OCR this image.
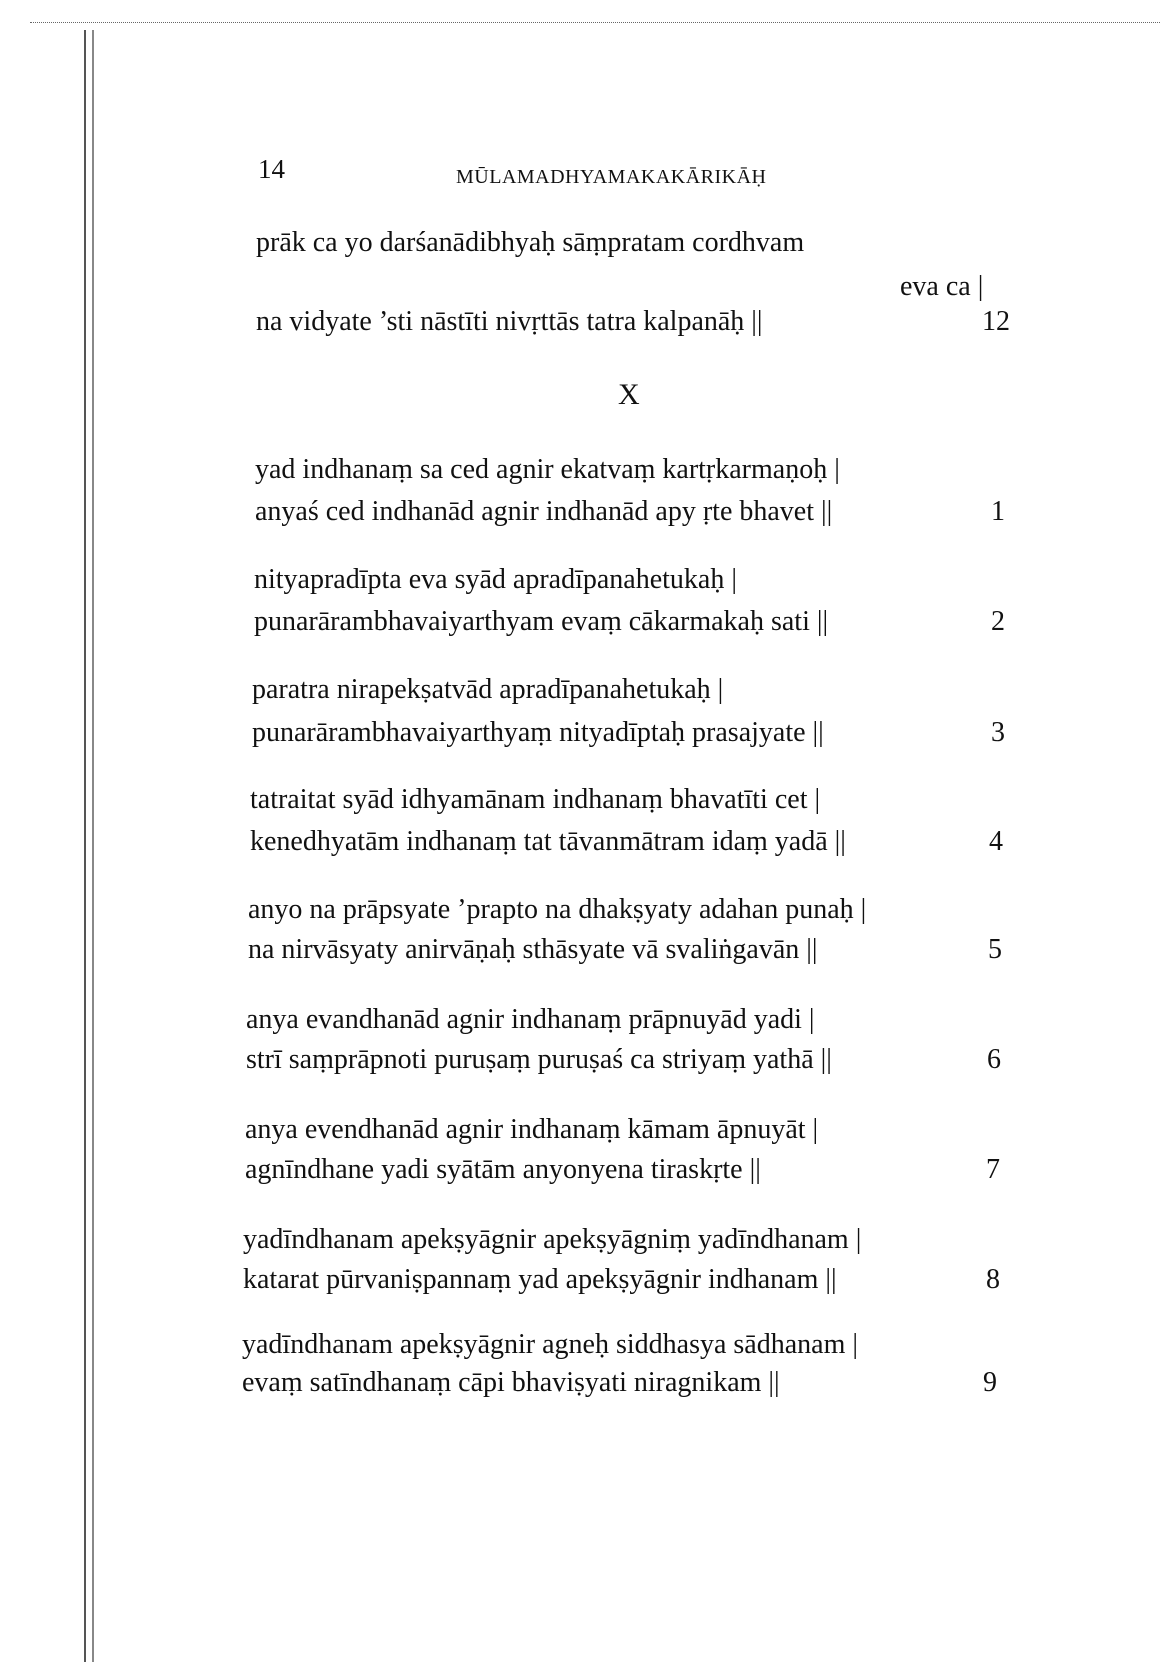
14	MŪLAMADHYAMAKAKĀRIKĀḤ
prāk ca yo darśanādibhyaḥ sāṃpratam cordhvam
eva ca |
na vidyate ’sti nāstīti nivṛttās tatra kalpanāḥ ||	12
X
yad indhanaṃ sa ced agnir ekatvaṃ kartṛkarmaṇoḥ |
anyaś ced indhanād agnir indhanād apy ṛte bhavet ||	1
nityapradīpta eva syād apradīpanahetukaḥ |
punarārambhavaiyarthyam evaṃ cākarmakaḥ sati ||	2
paratra nirapekṣatvād apradīpanahetukaḥ |
punarārambhavaiyarthyaṃ nityadīptaḥ prasajyate ||	3
tatraitat syād idhyamānam indhanaṃ bhavatīti cet |
kenedhyatām indhanaṃ tat tāvanmātram idaṃ yadā ||	4
anyo na prāpsyate ’prapto na dhakṣyaty adahan punaḥ |
na nirvāsyaty anirvāṇaḥ sthāsyate vā svaliṅgavān ||	5
anya evandhanād agnir indhanaṃ prāpnuyād yadi |
strī saṃprāpnoti puruṣaṃ puruṣaś ca striyaṃ yathā ||	6
anya evendhanād agnir indhanaṃ kāmam āpnuyāt |
agnīndhane yadi syātām anyonyena tiraskṛte ||	7
yadīndhanam apekṣyāgnir apekṣyāgniṃ yadīndhanam |
katarat pūrvaniṣpannaṃ yad apekṣyāgnir indhanam ||	8
yadīndhanam apekṣyāgnir agneḥ siddhasya sādhanam |
evaṃ satīndhanaṃ cāpi bhaviṣyati niragnikam ||	9
